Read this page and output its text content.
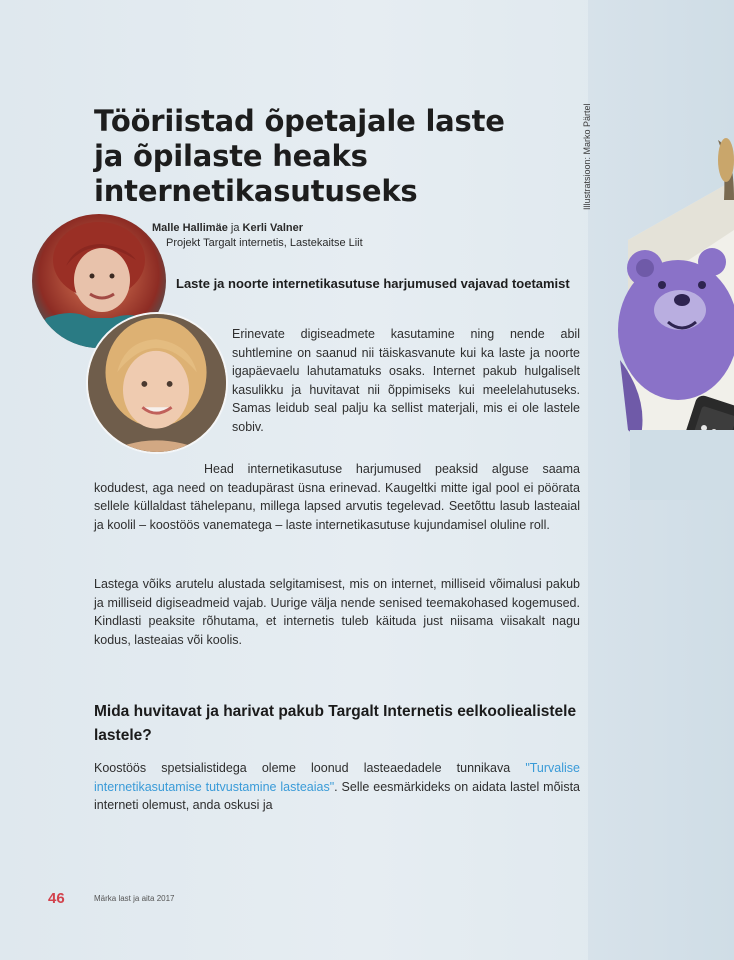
Tööriistad õpetajale laste ja õpilaste heaks internetikasutuseks	Illustratsioon: Marko Pärtel
Malle Hallimäe ja Kerli Valner
Projekt Targalt internetis, Lastekaitse Liit
Laste ja noorte internetikasutuse harjumused vajavad toetamist

Erinevate digiseadmete kasutamine ning nende abil suhtlemine on saanud nii täiskasvanute kui ka laste ja noorte igapäevaelu lahutamatuks osaks. Internet pakub hulgaliselt kasulikku ja huvitavat nii õppimiseks kui meelelahutuseks. Samas leidub seal palju ka sellist materjali, mis ei ole lastele sobiv.

Head internetikasutuse harjumused peaksid alguse saama kodudest, aga need on teadupärast üsna erinevad. Kaugeltki mitte igal pool ei pöörata sellele küllaldast tähelepanu, millega lapsed arvutis tegelevad. Seetõttu lasub lasteaial ja koolil – koostöös vanematega – laste internetikasutuse kujundamisel oluline roll.

Lastega võiks arutelu alustada selgitamisest, mis on internet, milliseid võimalusi pakub ja milliseid digiseadmeid vajab. Uurige välja nende senised teemakohased kogemused. Kindlasti peaksite rõhutama, et internetis tuleb käituda just niisama viisakalt nagu kodus, lasteaias või koolis.

Mida huvitavat ja harivat pakub Targalt Internetis eelkooliealistele lastele?

Koostöös spetsialistidega oleme loonud lasteaedadele tunnikava "Turvalise internetikasutamise tutvustamine lasteaias". Selle eesmärkideks on aidata lastel mõista interneti olemust, anda oskusi ja

46	Märka last ja aita 2017
